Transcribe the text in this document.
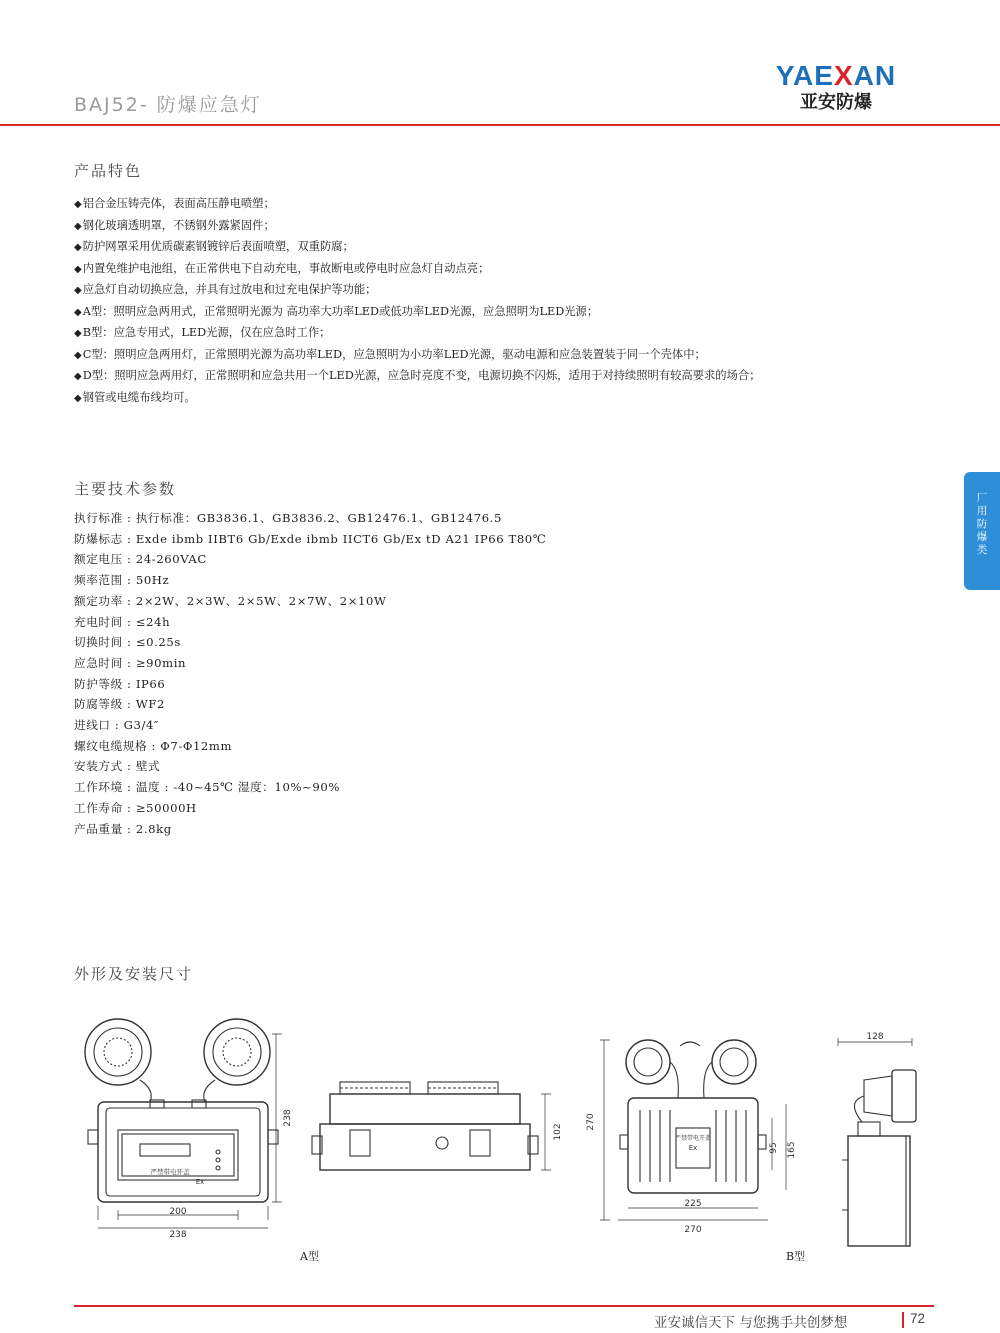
BAJ52- 防爆应急灯
YAEXAN
亚安防爆
产品特色
◆铝合金压铸壳体，表面高压静电喷塑；
◆钢化玻璃透明罩，不锈钢外露紧固件；
◆防护网罩采用优质碳素钢镀锌后表面喷塑，双重防腐；
◆内置免维护电池组，在正常供电下自动充电，事故断电或停电时应急灯自动点亮；
◆应急灯自动切换应急，并具有过放电和过充电保护等功能；
◆A型：照明应急两用式，正常照明光源为 高功率大功率LED或低功率LED光源，应急照明为LED光源；
◆B型：应急专用式，LED光源，仅在应急时工作；
◆C型：照明应急两用灯，正常照明光源为高功率LED，应急照明为小功率LED光源，驱动电源和应急装置装于同一个壳体中；
◆D型：照明应急两用灯，正常照明和应急共用一个LED光源，应急时亮度不变，电源切换不闪烁，适用于对持续照明有较高要求的场合；
◆钢管或电缆布线均可。
主要技术参数
执行标准 : 执行标准：GB3836.1、GB3836.2、GB12476.1、GB12476.5
防爆标志 : Exde ibmb IIBT6 Gb/Exde ibmb IICT6 Gb/Ex tD A21 IP66 T80℃
额定电压 : 24-260VAC
频率范围 : 50Hz
额定功率 : 2×2W、2×3W、2×5W、2×7W、2×10W
充电时间 : ≤24h
切换时间 : ≤0.25s
应急时间 : ≥90min
防护等级 : IP66
防腐等级 : WF2
进线口 : G3/4″
螺纹电缆规格 : Φ7-Φ12mm
安装方式 : 壁式
工作环境 : 温度 : -40~45℃ 湿度：10%~90%
工作寿命 : ≥50000H
产品重量 : 2.8kg
厂用防爆类
外形及安装尺寸
Ex
严禁带电开盖
200
238
238
102
Ex
严禁带电开盖
270
95 165
225
270
128
A型	B型
亚安诚信天下 与您携手共创梦想	72
